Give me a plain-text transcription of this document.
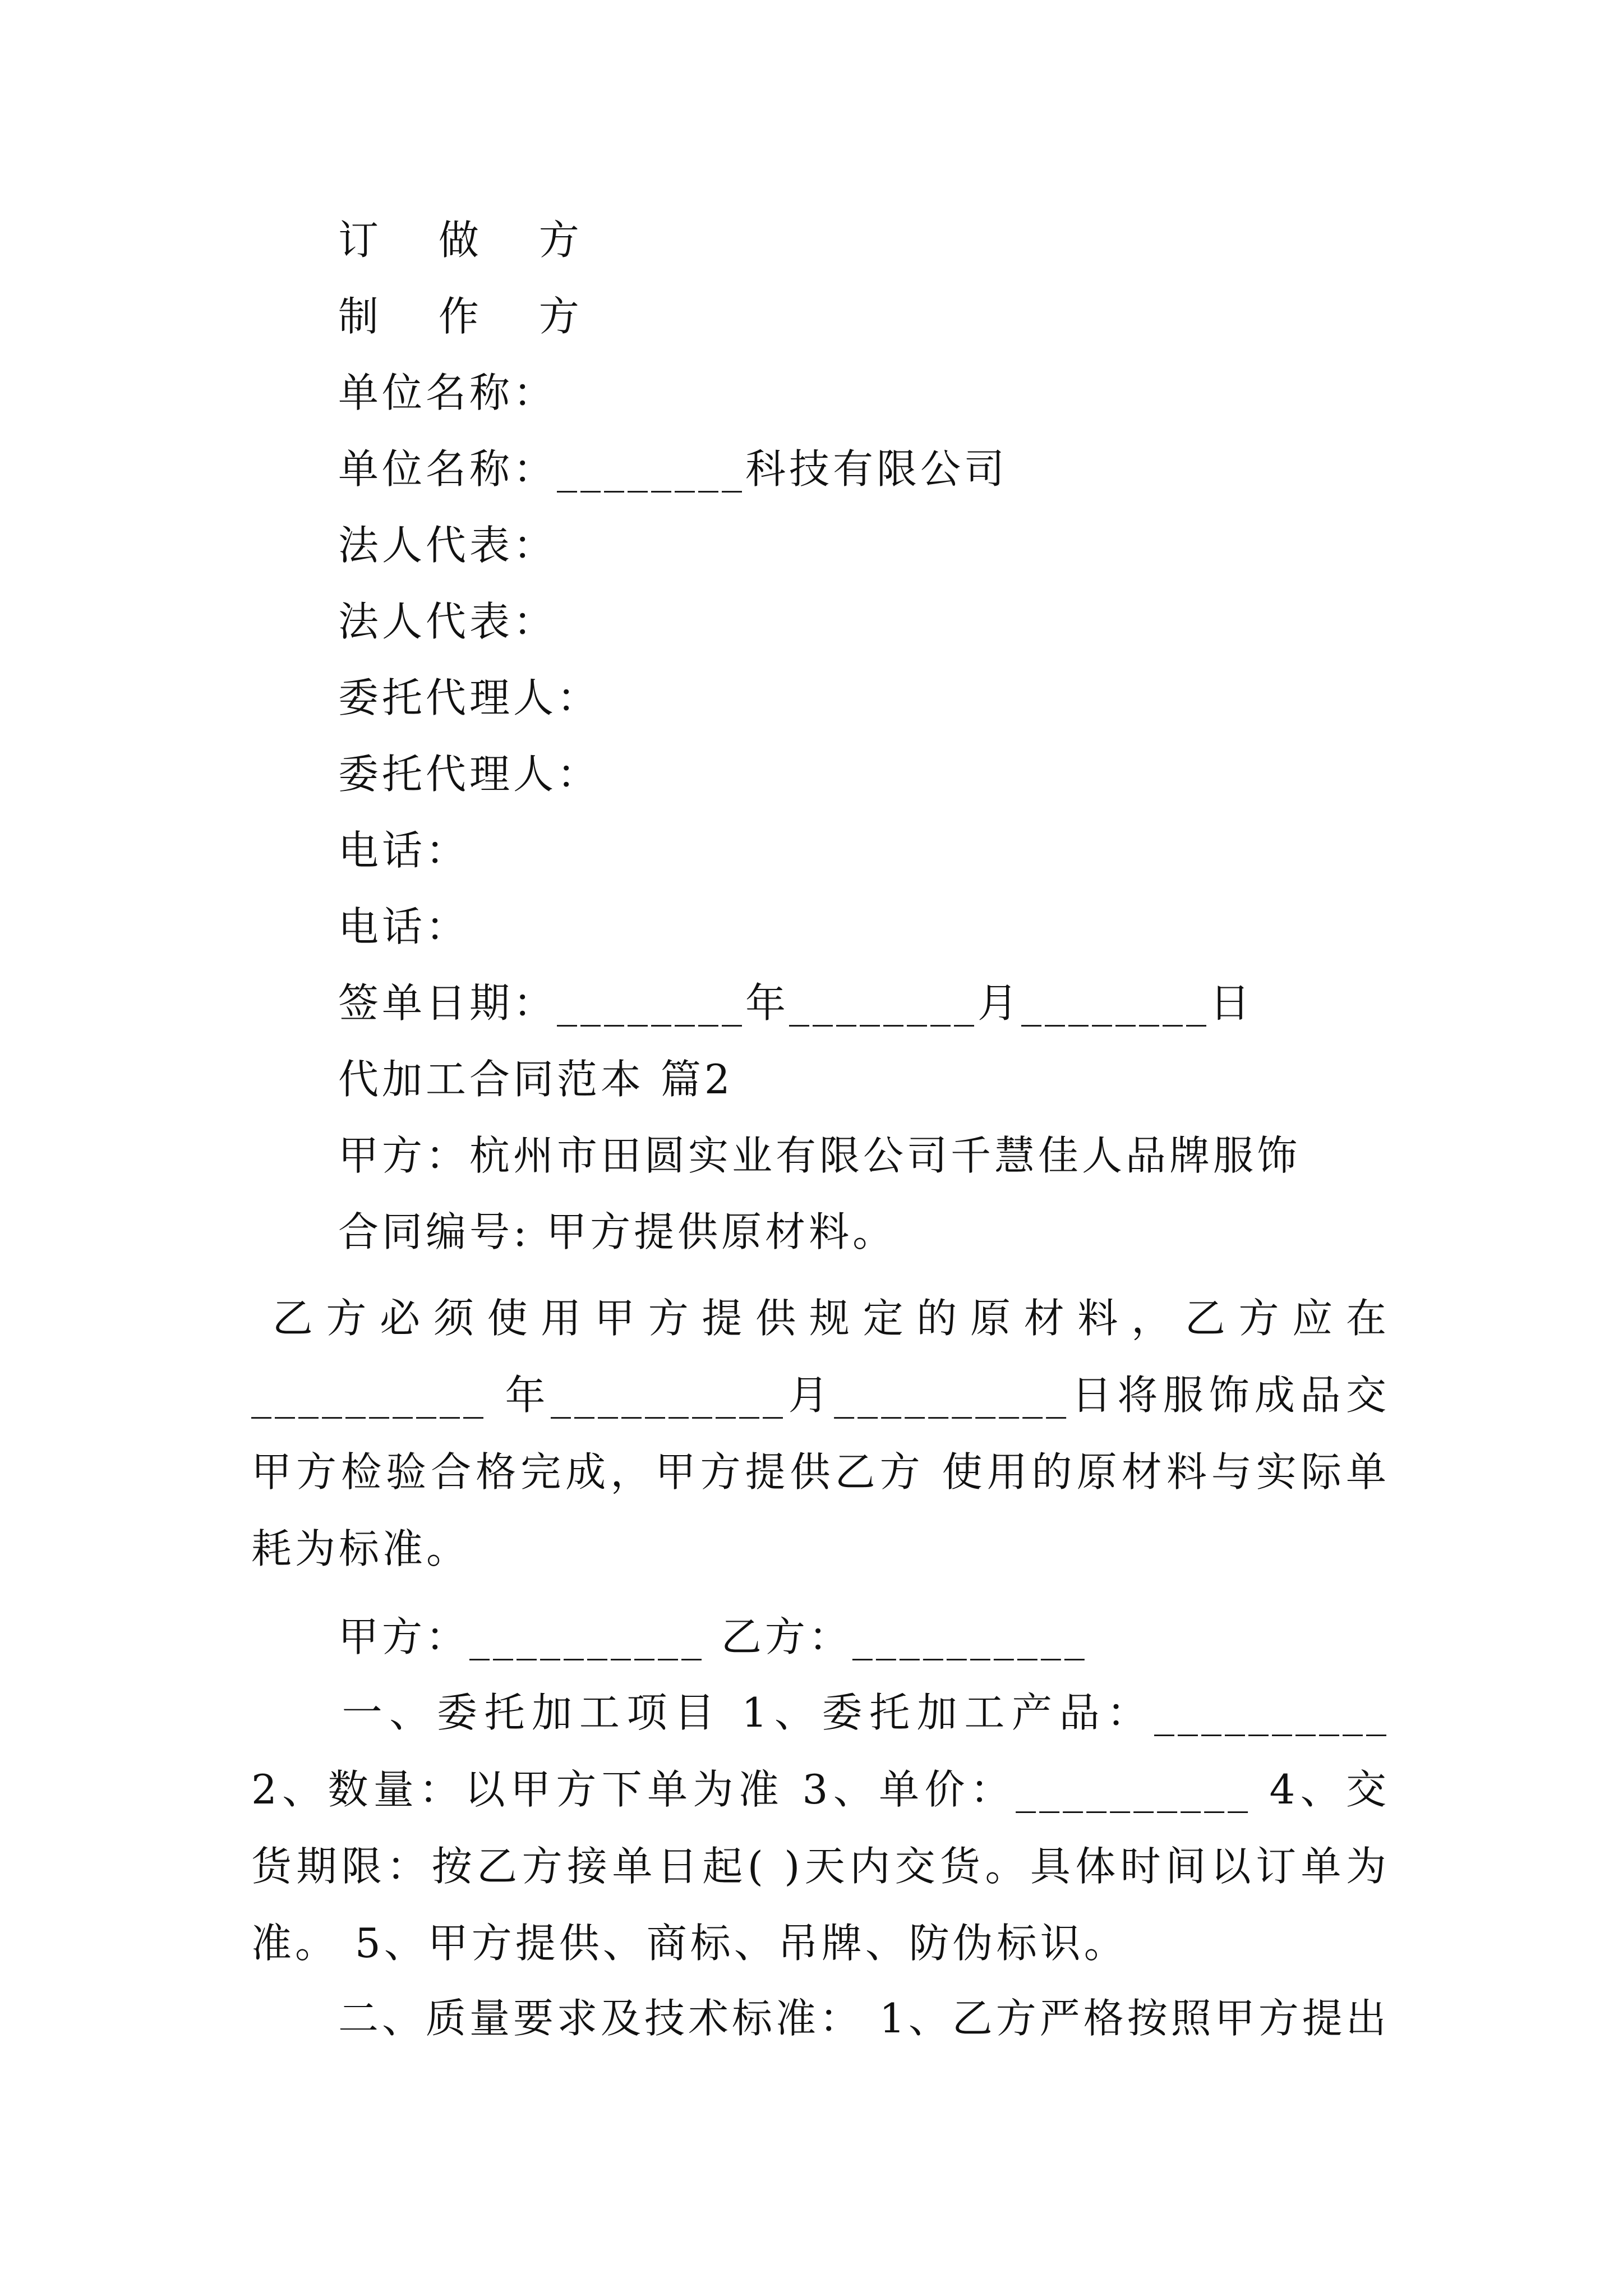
订 做 方
制 作 方
单位名称：
单位名称：________科技有限公司
法人代表：
法人代表：
委托代理人：
委托代理人：
电话：
电话：
签单日期：________年________月________日
代加工合同范本 篇2
甲方：杭州市田圆实业有限公司千慧佳人品牌服饰
合同编号: 甲方提供原材料。
乙方必须使用甲方提供规定的原材料，乙方应在__________ 年__________月__________日将服饰成品交甲方检验合格完成，甲方提供乙方 使用的原材料与实际单耗为标准。
甲方：__________ 乙方：__________
一、委托加工项目 1、委托加工产品：__________ 2、数量：以甲方下单为准 3、单价：__________ 4、交货期限：按乙方接单日起( )天内交货。具体时间以订单为准。 5、甲方提供、商标、吊牌、防伪标识。
二、质量要求及技术标准： 1、乙方严格按照甲方提出
